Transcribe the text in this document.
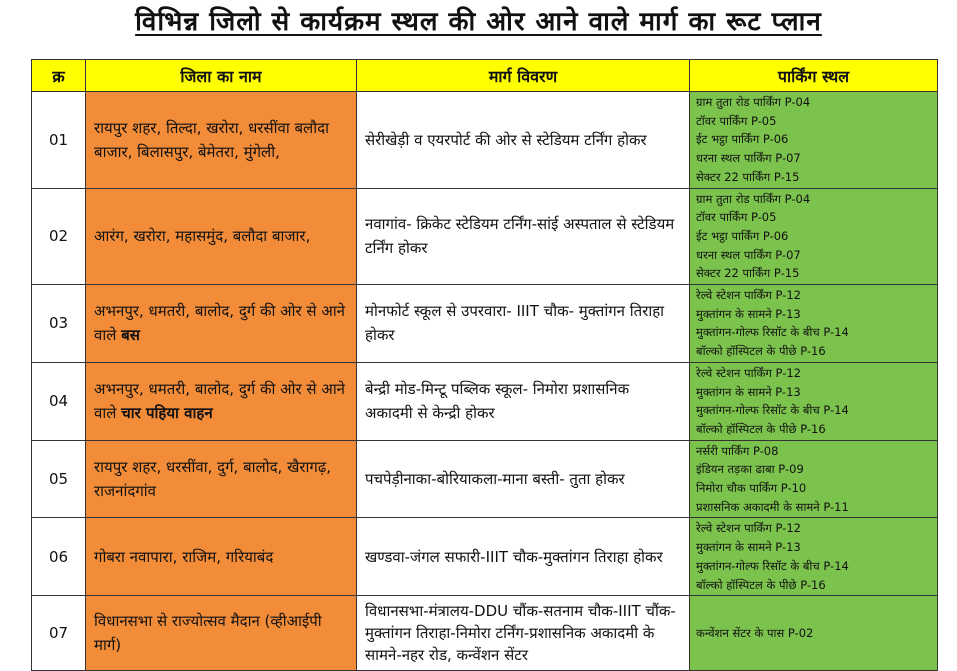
विभिन्न जिलो से कार्यक्रम स्थल की ओर आने वाले मार्ग का रूट प्लान
क्र	जिला का नाम	मार्ग विवरण	पार्किंग स्थल
01	रायपुर शहर, तिल्दा, खरोरा, धरसींवा बलौदा बाजार, बिलासपुर, बेमेतरा, मुंगेली,	सेरीखेड़ी व एयरपोर्ट की ओर से स्टेडियम टर्निंग होकर	ग्राम तुता रोड पार्किंग P-04
टॉवर पार्किंग P-05
ईट भट्ठा पार्किंग P-06
धरना स्थल पार्किंग P-07
सेक्टर 22 पार्किंग P-15

02	आरंग, खरोरा, महासमुंद, बलौदा बाजार,	नवागांव- क्रिकेट स्टेडियम टर्निंग-सांई अस्पताल से स्टेडियम टर्निंग होकर	ग्राम तुता रोड पार्किंग P-04
टॉवर पार्किंग P-05
ईट भट्ठा पार्किंग P-06
धरना स्थल पार्किंग P-07
सेक्टर 22 पार्किंग P-15

03	अभनपुर, धमतरी, बालोद, दुर्ग की ओर से आने वाले बस	मोनफोर्ट स्कूल से उपरवारा- IIIT चौक- मुक्तांगन तिराहा होकर	रेल्वे स्टेशन पार्किंग P-12
मुक्तांगन के सामने P-13
मुक्तांगन-गोल्फ रिसॉट के बीच P-14
बॉल्को हॉस्पिटल के पीछे P-16

04	अभनपुर, धमतरी, बालोद, दुर्ग की ओर से आने वाले चार पहिया वाहन	बेन्द्री मोड-मिन्टू पब्लिक स्कूल- निमोरा प्रशासनिक अकादमी से केन्द्री होकर	रेल्वे स्टेशन पार्किंग P-12
मुक्तांगन के सामने P-13
मुक्तांगन-गोल्फ रिसॉट के बीच P-14
बॉल्को हॉस्पिटल के पीछे P-16

05	रायपुर शहर, धरसींवा, दुर्ग, बालोद, खैरागढ़, राजनांदगांव	पचपेड़ीनाका-बोरियाकला-माना बस्ती- तुता होकर	नर्सरी पार्किंग P-08
इंडियन तड़का ढाबा P-09
निमोरा चौक पार्किंग P-10
प्रशासनिक अकादमी के सामने P-11

06	गोबरा नवापारा, राजिम, गरियाबंद	खण्डवा-जंगल सफारी-IIIT चौक-मुक्तांगन तिराहा होकर	रेल्वे स्टेशन पार्किंग P-12
मुक्तांगन के सामने P-13
मुक्तांगन-गोल्फ रिसॉट के बीच P-14
बॉल्को हॉस्पिटल के पीछे P-16

07	विधानसभा से राज्योत्सव मैदान (व्हीआईपी मार्ग)	विधानसभा-मंत्रालय-DDU चौंक-सतनाम चौक-IIIT चौंक-मुक्तांगन तिराहा-निमोरा टर्निंग-प्रशासनिक अकादमी के सामने-नहर रोड, कन्वेंशन सेंटर	कन्वेंशन सेंटर के पास P-02
